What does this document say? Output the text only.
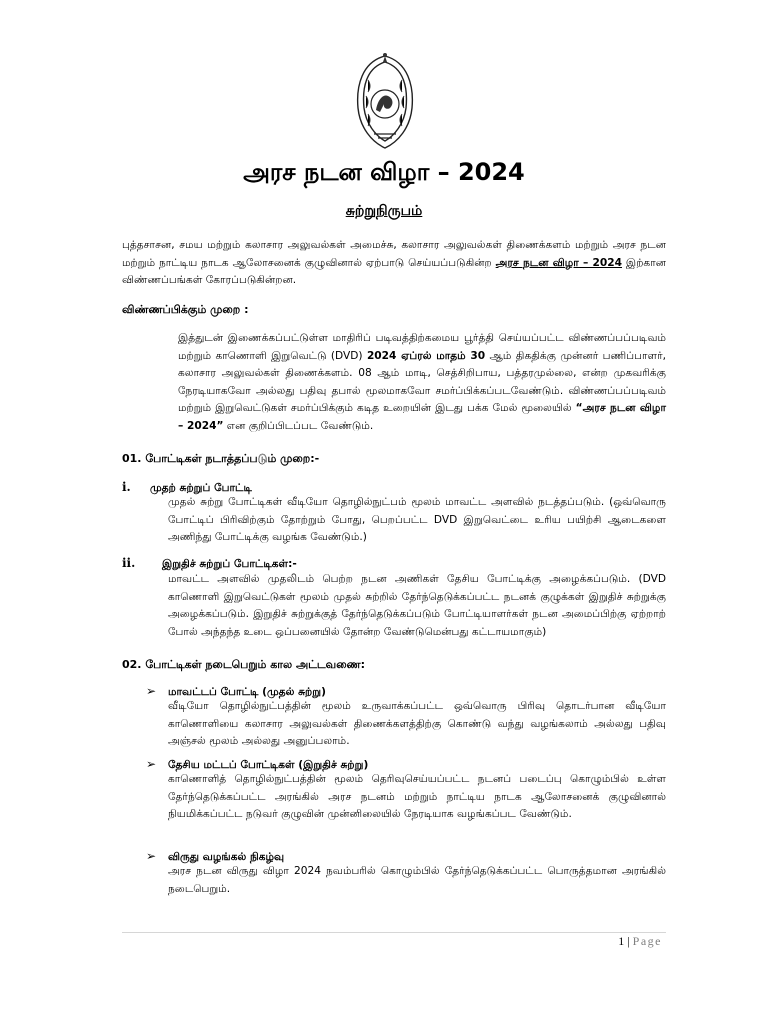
அரச நடன விழா – 2024
சுற்றுநிருபம்
புத்தசாசன, சமய மற்றும் கலாசார அலுவல்கள் அமைச்சு, கலாசார அலுவல்கள் திணைக்களம் மற்றும் அரச நடன மற்றும் நாட்டிய நாடக ஆலோசனைக் குழுவினால் ஏற்பாடு செய்யப்படுகின்ற அரச நடன விழா – 2024 இற்கான விண்ணப்பங்கள் கோரப்படுகின்றன.
விண்ணப்பிக்கும் முறை :
இத்துடன் இணைக்கப்பட்டுள்ள மாதிரிப் படிவத்திற்கமைய பூர்த்தி செய்யப்பட்ட விண்ணப்பப்படிவம் மற்றும் காணொளி இறுவெட்டு (DVD) 2024 ஏப்ரல் மாதம் 30 ஆம் திகதிக்கு முன்னர் பணிப்பாளர், கலாசார அலுவல்கள் திணைக்களம். 08 ஆம் மாடி, செத்சிறிபாய, பத்தரமுல்லை, என்ற முகவரிக்கு நேரடியாகவோ அல்லது பதிவு தபால் மூலமாகவோ சமர்ப்பிக்கப்படவேண்டும். விண்ணப்பப்படிவம் மற்றும் இறுவெட்டுகள் சமர்ப்பிக்கும் கடித உறையின் இடது பக்க மேல் மூலையில் “அரச நடன விழா – 2024” என குறிப்பிடப்பட வேண்டும்.
01. போட்டிகள் நடாத்தப்படும் முறை:-
i. முதற் சுற்றுப் போட்டி
முதல் சுற்று போட்டிகள் வீடியோ தொழில்நுட்பம் மூலம் மாவட்ட அளவில் நடத்தப்படும். (ஒவ்வொரு போட்டிப் பிரிவிற்கும் தோற்றும் போது, பெறப்பட்ட DVD இறுவெட்டை உரிய பயிற்சி ஆடைகளை அணிந்து போட்டிக்கு வழங்க வேண்டும்.)
ii.	இறுதிச் சுற்றுப் போட்டிகள்:-
மாவட்ட அளவில் முதலிடம் பெற்ற நடன அணிகள் தேசிய போட்டிக்கு அழைக்கப்படும். (DVD காணொளி இறுவெட்டுகள் மூலம் முதல் சுற்றில் தேர்ந்தெடுக்கப்பட்ட நடனக் குழுக்கள் இறுதிச் சுற்றுக்கு அழைக்கப்படும். இறுதிச் சுற்றுக்குத் தேர்ந்தெடுக்கப்படும் போட்டியாளர்கள் நடன அமைப்பிற்கு ஏற்றாற் போல் அந்தந்த உடை ஒப்பனையில் தோன்ற வேண்டுமென்பது கட்டாயமாகும்)
02. போட்டிகள் நடைபெறும் கால அட்டவணை:
➢ மாவட்டப் போட்டி (முதல் சுற்று)
வீடியோ தொழில்நுட்பத்தின் மூலம் உருவாக்கப்பட்ட ஒவ்வொரு பிரிவு தொடர்பான வீடியோ காணொளியை கலாசார அலுவல்கள் திணைக்களத்திற்கு கொண்டு வந்து வழங்கலாம் அல்லது பதிவு அஞ்சல் மூலம் அல்லது அனுப்பலாம்.
➢ தேசிய மட்டப் போட்டிகள் (இறுதிச் சுற்று)
காணொளித் தொழில்நுட்பத்தின் மூலம் தெரிவுசெய்யப்பட்ட நடனப் படைப்பு கொழும்பில் உள்ள தேர்ந்தெடுக்கப்பட்ட அரங்கில் அரச நடனம் மற்றும் நாட்டிய நாடக ஆலோசனைக் குழுவினால் நியமிக்கப்பட்ட நடுவர் குழுவின் முன்னிலையில் நேரடியாக வழங்கப்பட வேண்டும்.
➢ விருது வழங்கல் நிகழ்வு
அரச நடன விருது விழா 2024 நவம்பரில் கொழும்பில் தேர்ந்தெடுக்கப்பட்ட பொருத்தமான அரங்கில் நடைபெறும்.
1 | Page
